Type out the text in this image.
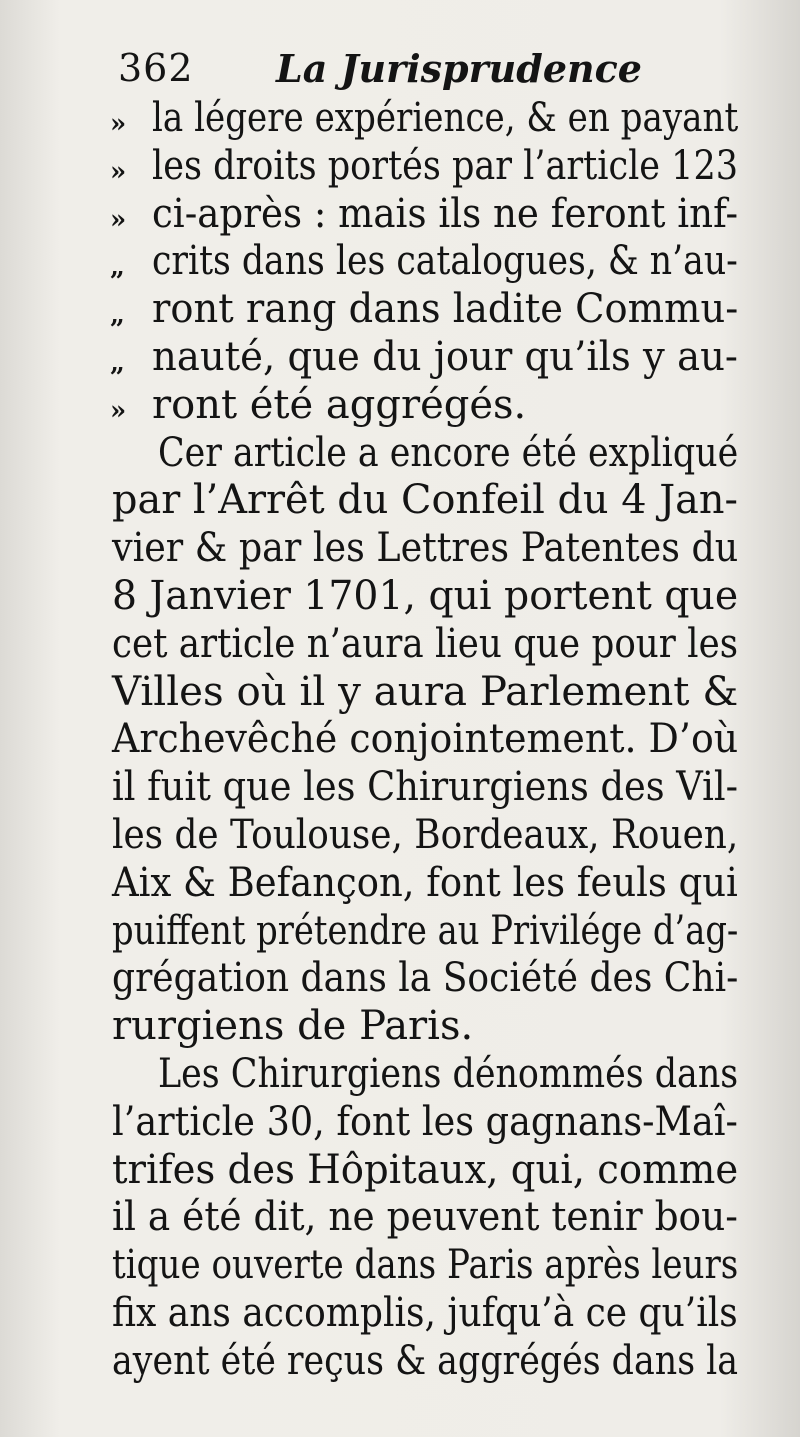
362 La Jurisprudence
» la légere expérience, & en payant
» les droits portés par l’article 123
» ci-après : mais ils ne feront inf-
„ crits dans les catalogues, & n’au-
„ ront rang dans ladite Commu-
„ nauté, que du jour qu’ils y au-
» ront été aggrégés.
Cer article a encore été expliqué
par l’Arrêt du Confeil du 4 Jan-
vier & par les Lettres Patentes du
8 Janvier 1701, qui portent que
cet article n’aura lieu que pour les
Villes où il y aura Parlement &
Archevêché conjointement. D’où
il fuit que les Chirurgiens des Vil-
les de Toulouse, Bordeaux, Rouen,
Aix & Befançon, font les feuls qui
puiffent prétendre au Privilége d’ag-
grégation dans la Société des Chi-
rurgiens de Paris.
Les Chirurgiens dénommés dans
l’article 30, font les gagnans-Maî-
trifes des Hôpitaux, qui, comme
il a été dit, ne peuvent tenir bou-
tique ouverte dans Paris après leurs
fix ans accomplis, jufqu’à ce qu’ils
ayent été reçus & aggrégés dans la
